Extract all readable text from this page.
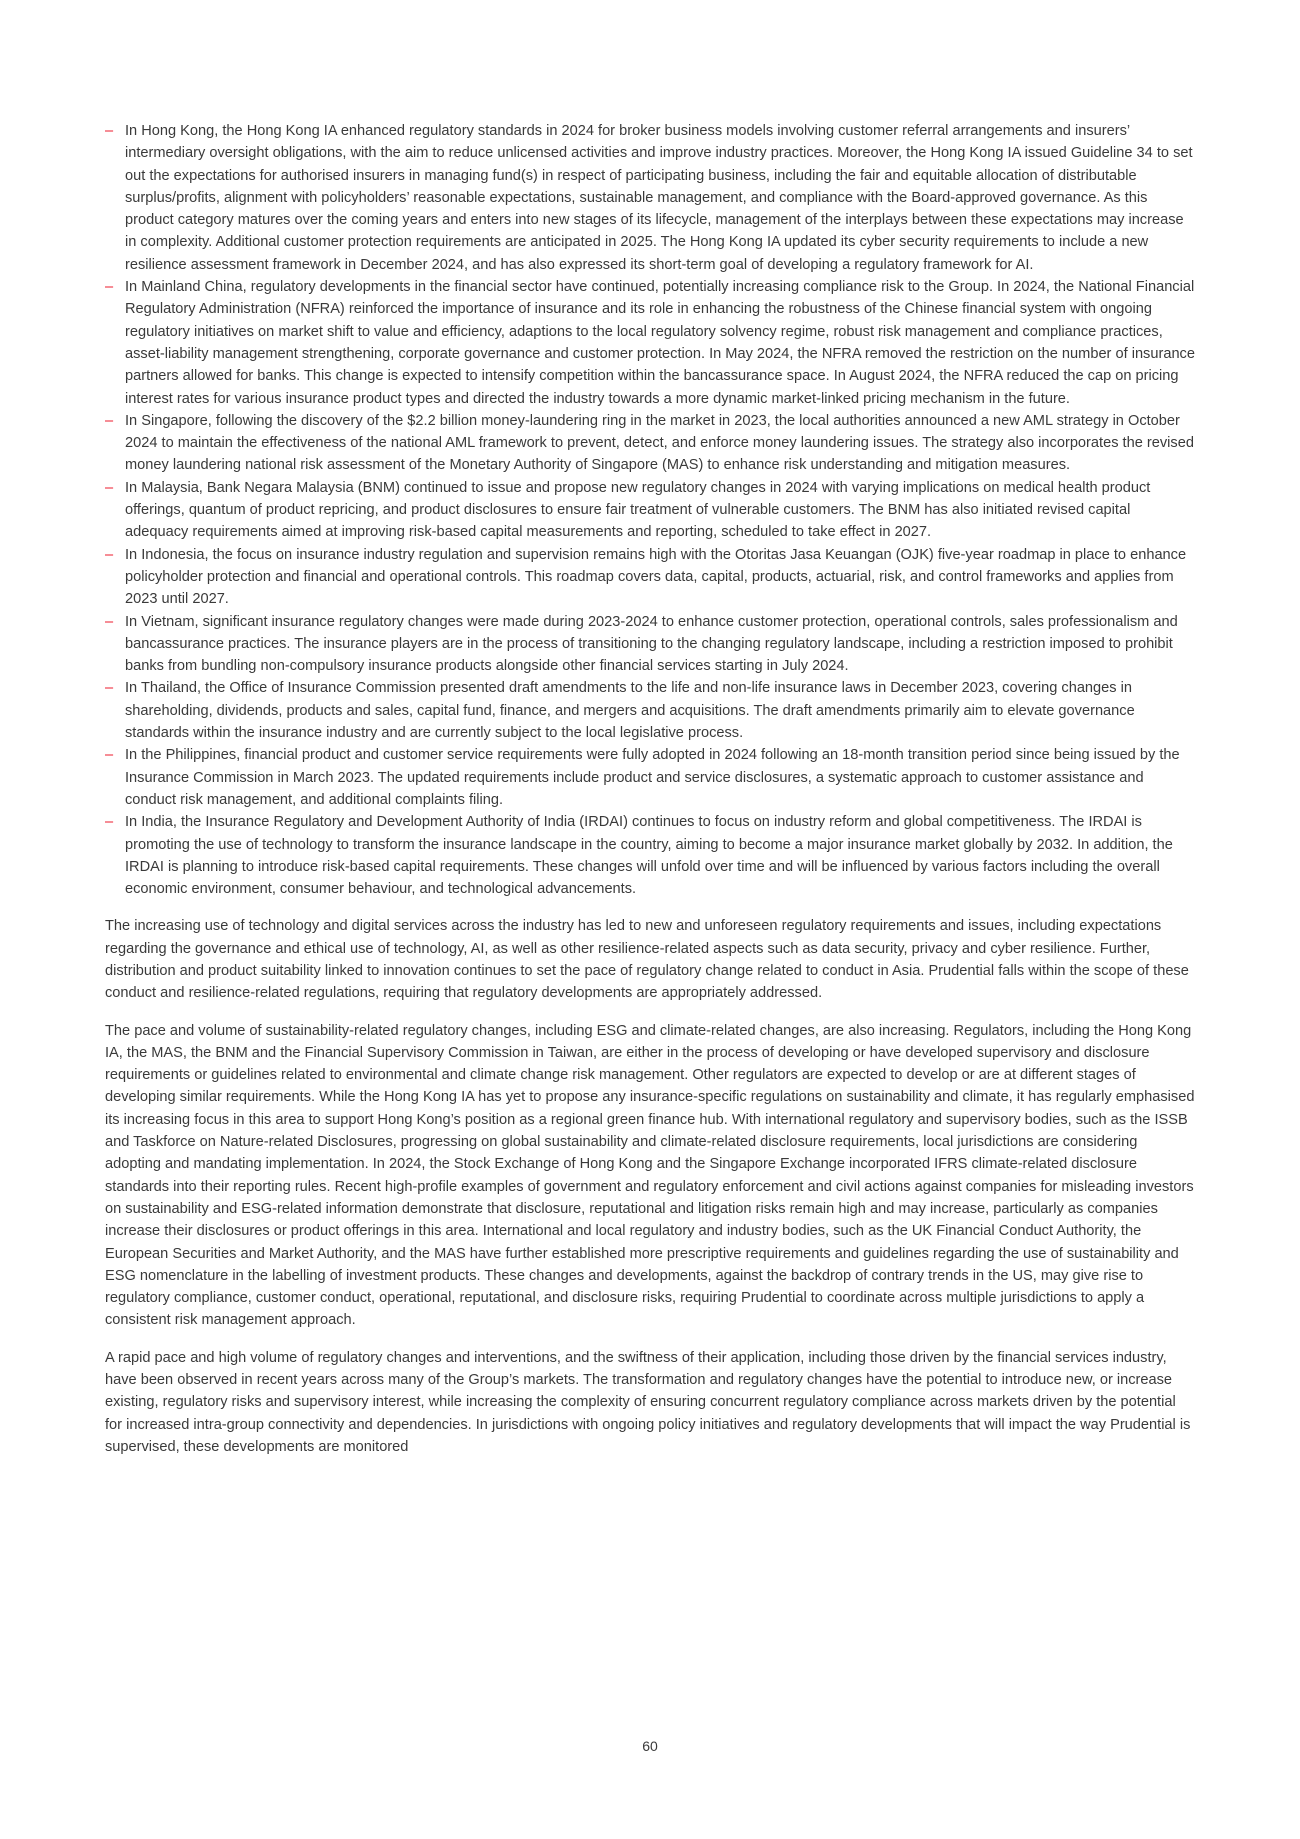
– In Hong Kong, the Hong Kong IA enhanced regulatory standards in 2024 for broker business models involving customer referral arrangements and insurers’ intermediary oversight obligations, with the aim to reduce unlicensed activities and improve industry practices. Moreover, the Hong Kong IA issued Guideline 34 to set out the expectations for authorised insurers in managing fund(s) in respect of participating business, including the fair and equitable allocation of distributable surplus/profits, alignment with policyholders’ reasonable expectations, sustainable management, and compliance with the Board-approved governance. As this product category matures over the coming years and enters into new stages of its lifecycle, management of the interplays between these expectations may increase in complexity. Additional customer protection requirements are anticipated in 2025. The Hong Kong IA updated its cyber security requirements to include a new resilience assessment framework in December 2024, and has also expressed its short-term goal of developing a regulatory framework for AI.
– In Mainland China, regulatory developments in the financial sector have continued, potentially increasing compliance risk to the Group. In 2024, the National Financial Regulatory Administration (NFRA) reinforced the importance of insurance and its role in enhancing the robustness of the Chinese financial system with ongoing regulatory initiatives on market shift to value and efficiency, adaptions to the local regulatory solvency regime, robust risk management and compliance practices, asset-liability management strengthening, corporate governance and customer protection. In May 2024, the NFRA removed the restriction on the number of insurance partners allowed for banks. This change is expected to intensify competition within the bancassurance space. In August 2024, the NFRA reduced the cap on pricing interest rates for various insurance product types and directed the industry towards a more dynamic market-linked pricing mechanism in the future.
– In Singapore, following the discovery of the $2.2 billion money-laundering ring in the market in 2023, the local authorities announced a new AML strategy in October 2024 to maintain the effectiveness of the national AML framework to prevent, detect, and enforce money laundering issues. The strategy also incorporates the revised money laundering national risk assessment of the Monetary Authority of Singapore (MAS) to enhance risk understanding and mitigation measures.
– In Malaysia, Bank Negara Malaysia (BNM) continued to issue and propose new regulatory changes in 2024 with varying implications on medical health product offerings, quantum of product repricing, and product disclosures to ensure fair treatment of vulnerable customers. The BNM has also initiated revised capital adequacy requirements aimed at improving risk-based capital measurements and reporting, scheduled to take effect in 2027.
– In Indonesia, the focus on insurance industry regulation and supervision remains high with the Otoritas Jasa Keuangan (OJK) five-year roadmap in place to enhance policyholder protection and financial and operational controls. This roadmap covers data, capital, products, actuarial, risk, and control frameworks and applies from 2023 until 2027.
– In Vietnam, significant insurance regulatory changes were made during 2023-2024 to enhance customer protection, operational controls, sales professionalism and bancassurance practices. The insurance players are in the process of transitioning to the changing regulatory landscape, including a restriction imposed to prohibit banks from bundling non-compulsory insurance products alongside other financial services starting in July 2024.
– In Thailand, the Office of Insurance Commission presented draft amendments to the life and non-life insurance laws in December 2023, covering changes in shareholding, dividends, products and sales, capital fund, finance, and mergers and acquisitions. The draft amendments primarily aim to elevate governance standards within the insurance industry and are currently subject to the local legislative process.
– In the Philippines, financial product and customer service requirements were fully adopted in 2024 following an 18-month transition period since being issued by the Insurance Commission in March 2023. The updated requirements include product and service disclosures, a systematic approach to customer assistance and conduct risk management, and additional complaints filing.
– In India, the Insurance Regulatory and Development Authority of India (IRDAI) continues to focus on industry reform and global competitiveness. The IRDAI is promoting the use of technology to transform the insurance landscape in the country, aiming to become a major insurance market globally by 2032. In addition, the IRDAI is planning to introduce risk-based capital requirements. These changes will unfold over time and will be influenced by various factors including the overall economic environment, consumer behaviour, and technological advancements.

The increasing use of technology and digital services across the industry has led to new and unforeseen regulatory requirements and issues, including expectations regarding the governance and ethical use of technology, AI, as well as other resilience-related aspects such as data security, privacy and cyber resilience. Further, distribution and product suitability linked to innovation continues to set the pace of regulatory change related to conduct in Asia. Prudential falls within the scope of these conduct and resilience-related regulations, requiring that regulatory developments are appropriately addressed.

The pace and volume of sustainability-related regulatory changes, including ESG and climate-related changes, are also increasing. Regulators, including the Hong Kong IA, the MAS, the BNM and the Financial Supervisory Commission in Taiwan, are either in the process of developing or have developed supervisory and disclosure requirements or guidelines related to environmental and climate change risk management. Other regulators are expected to develop or are at different stages of developing similar requirements. While the Hong Kong IA has yet to propose any insurance-specific regulations on sustainability and climate, it has regularly emphasised its increasing focus in this area to support Hong Kong’s position as a regional green finance hub. With international regulatory and supervisory bodies, such as the ISSB and Taskforce on Nature-related Disclosures, progressing on global sustainability and climate-related disclosure requirements, local jurisdictions are considering adopting and mandating implementation. In 2024, the Stock Exchange of Hong Kong and the Singapore Exchange incorporated IFRS climate-related disclosure standards into their reporting rules. Recent high-profile examples of government and regulatory enforcement and civil actions against companies for misleading investors on sustainability and ESG-related information demonstrate that disclosure, reputational and litigation risks remain high and may increase, particularly as companies increase their disclosures or product offerings in this area. International and local regulatory and industry bodies, such as the UK Financial Conduct Authority, the European Securities and Market Authority, and the MAS have further established more prescriptive requirements and guidelines regarding the use of sustainability and ESG nomenclature in the labelling of investment products. These changes and developments, against the backdrop of contrary trends in the US, may give rise to regulatory compliance, customer conduct, operational, reputational, and disclosure risks, requiring Prudential to coordinate across multiple jurisdictions to apply a consistent risk management approach.

A rapid pace and high volume of regulatory changes and interventions, and the swiftness of their application, including those driven by the financial services industry, have been observed in recent years across many of the Group’s markets. The transformation and regulatory changes have the potential to introduce new, or increase existing, regulatory risks and supervisory interest, while increasing the complexity of ensuring concurrent regulatory compliance across markets driven by the potential for increased intra-group connectivity and dependencies. In jurisdictions with ongoing policy initiatives and regulatory developments that will impact the way Prudential is supervised, these developments are monitored

60
